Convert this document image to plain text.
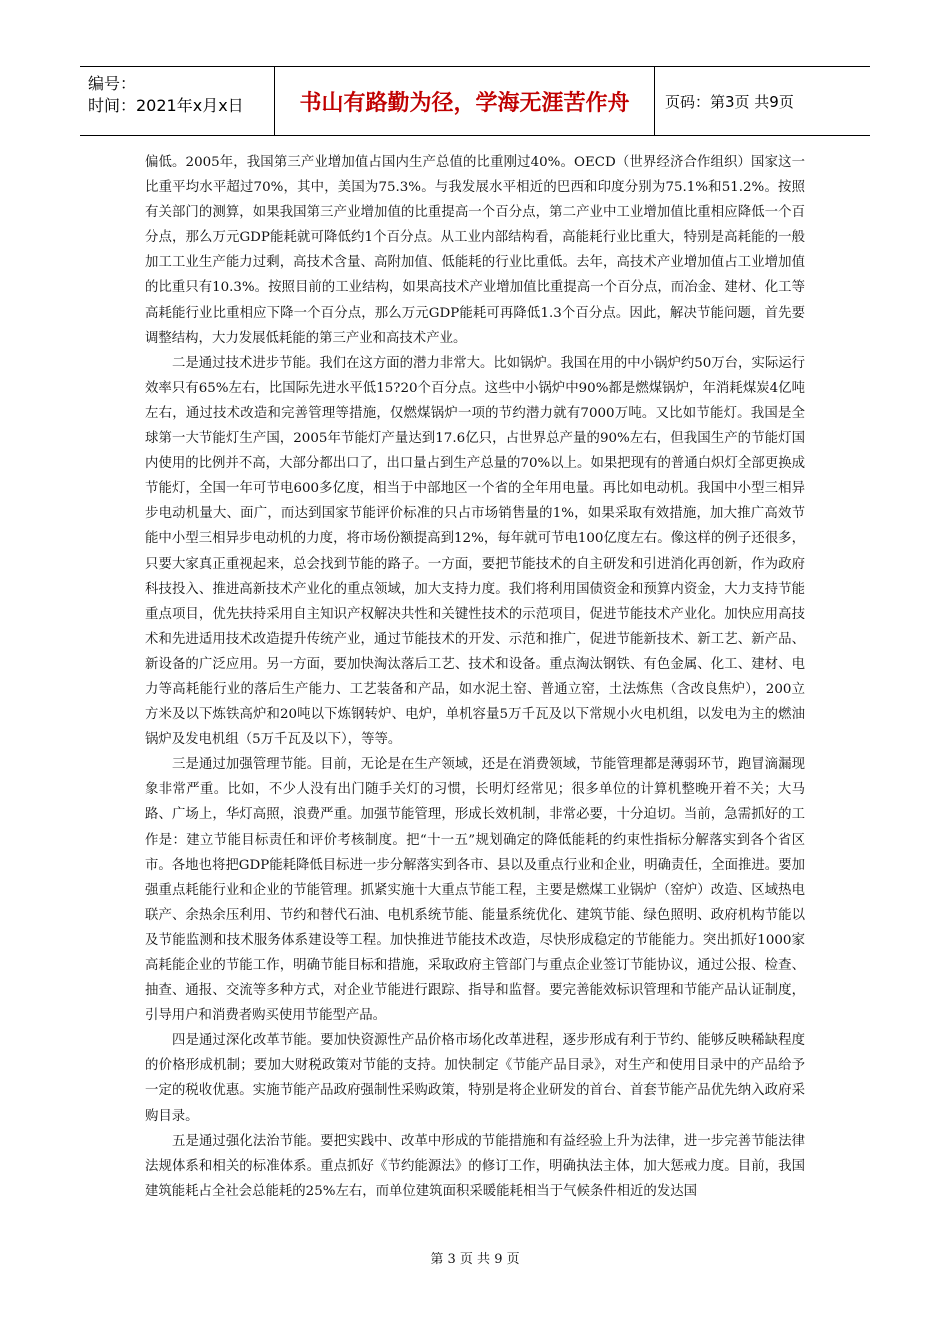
编号：
时间：2021年x月x日	书山有路勤为径，学海无涯苦作舟	页码：第3页 共9页

偏低。2005年，我国第三产业增加值占国内生产总值的比重刚过40%。OECD（世界经济合作组织）国家这一比重平均水平超过70%，其中，美国为75.3%。与我发展水平相近的巴西和印度分别为75.1%和51.2%。按照有关部门的测算，如果我国第三产业增加值的比重提高一个百分点，第二产业中工业增加值比重相应降低一个百分点，那么万元GDP能耗就可降低约1个百分点。从工业内部结构看，高能耗行业比重大，特别是高耗能的一般加工工业生产能力过剩，高技术含量、高附加值、低能耗的行业比重低。去年，高技术产业增加值占工业增加值的比重只有10.3%。按照目前的工业结构，如果高技术产业增加值比重提高一个百分点，而冶金、建材、化工等高耗能行业比重相应下降一个百分点，那么万元GDP能耗可再降低1.3个百分点。因此，解决节能问题，首先要调整结构，大力发展低耗能的第三产业和高技术产业。

二是通过技术进步节能。我们在这方面的潜力非常大。比如锅炉。我国在用的中小锅炉约50万台，实际运行效率只有65%左右，比国际先进水平低15?20个百分点。这些中小锅炉中90%都是燃煤锅炉，年消耗煤炭4亿吨左右，通过技术改造和完善管理等措施，仅燃煤锅炉一项的节约潜力就有7000万吨。又比如节能灯。我国是全球第一大节能灯生产国，2005年节能灯产量达到17.6亿只，占世界总产量的90%左右，但我国生产的节能灯国内使用的比例并不高，大部分都出口了，出口量占到生产总量的70%以上。如果把现有的普通白炽灯全部更换成节能灯，全国一年可节电600多亿度，相当于中部地区一个省的全年用电量。再比如电动机。我国中小型三相异步电动机量大、面广，而达到国家节能评价标准的只占市场销售量的1%，如果采取有效措施，加大推广高效节能中小型三相异步电动机的力度，将市场份额提高到12%，每年就可节电100亿度左右。像这样的例子还很多，只要大家真正重视起来，总会找到节能的路子。一方面，要把节能技术的自主研发和引进消化再创新，作为政府科技投入、推进高新技术产业化的重点领域，加大支持力度。我们将利用国债资金和预算内资金，大力支持节能重点项目，优先扶持采用自主知识产权解决共性和关键性技术的示范项目，促进节能技术产业化。加快应用高技术和先进适用技术改造提升传统产业，通过节能技术的开发、示范和推广，促进节能新技术、新工艺、新产品、新设备的广泛应用。另一方面，要加快淘汰落后工艺、技术和设备。重点淘汰钢铁、有色金属、化工、建材、电力等高耗能行业的落后生产能力、工艺装备和产品，如水泥土窑、普通立窑，土法炼焦（含改良焦炉），200立方米及以下炼铁高炉和20吨以下炼钢转炉、电炉，单机容量5万千瓦及以下常规小火电机组，以发电为主的燃油锅炉及发电机组（5万千瓦及以下），等等。

三是通过加强管理节能。目前，无论是在生产领域，还是在消费领域，节能管理都是薄弱环节，跑冒滴漏现象非常严重。比如，不少人没有出门随手关灯的习惯，长明灯经常见；很多单位的计算机整晚开着不关；大马路、广场上，华灯高照，浪费严重。加强节能管理，形成长效机制，非常必要，十分迫切。当前，急需抓好的工作是：建立节能目标责任和评价考核制度。把“十一五”规划确定的降低能耗的约束性指标分解落实到各个省区市。各地也将把GDP能耗降低目标进一步分解落实到各市、县以及重点行业和企业，明确责任，全面推进。要加强重点耗能行业和企业的节能管理。抓紧实施十大重点节能工程，主要是燃煤工业锅炉（窑炉）改造、区域热电联产、余热余压利用、节约和替代石油、电机系统节能、能量系统优化、建筑节能、绿色照明、政府机构节能以及节能监测和技术服务体系建设等工程。加快推进节能技术改造，尽快形成稳定的节能能力。突出抓好1000家高耗能企业的节能工作，明确节能目标和措施，采取政府主管部门与重点企业签订节能协议，通过公报、检查、抽查、通报、交流等多种方式，对企业节能进行跟踪、指导和监督。要完善能效标识管理和节能产品认证制度，引导用户和消费者购买使用节能型产品。

四是通过深化改革节能。要加快资源性产品价格市场化改革进程，逐步形成有利于节约、能够反映稀缺程度的价格形成机制；要加大财税政策对节能的支持。加快制定《节能产品目录》，对生产和使用目录中的产品给予一定的税收优惠。实施节能产品政府强制性采购政策，特别是将企业研发的首台、首套节能产品优先纳入政府采购目录。

五是通过强化法治节能。要把实践中、改革中形成的节能措施和有益经验上升为法律，进一步完善节能法律法规体系和相关的标准体系。重点抓好《节约能源法》的修订工作，明确执法主体，加大惩戒力度。目前，我国建筑能耗占全社会总能耗的25%左右，而单位建筑面积采暖能耗相当于气候条件相近的发达国

第 3 页 共 9 页
